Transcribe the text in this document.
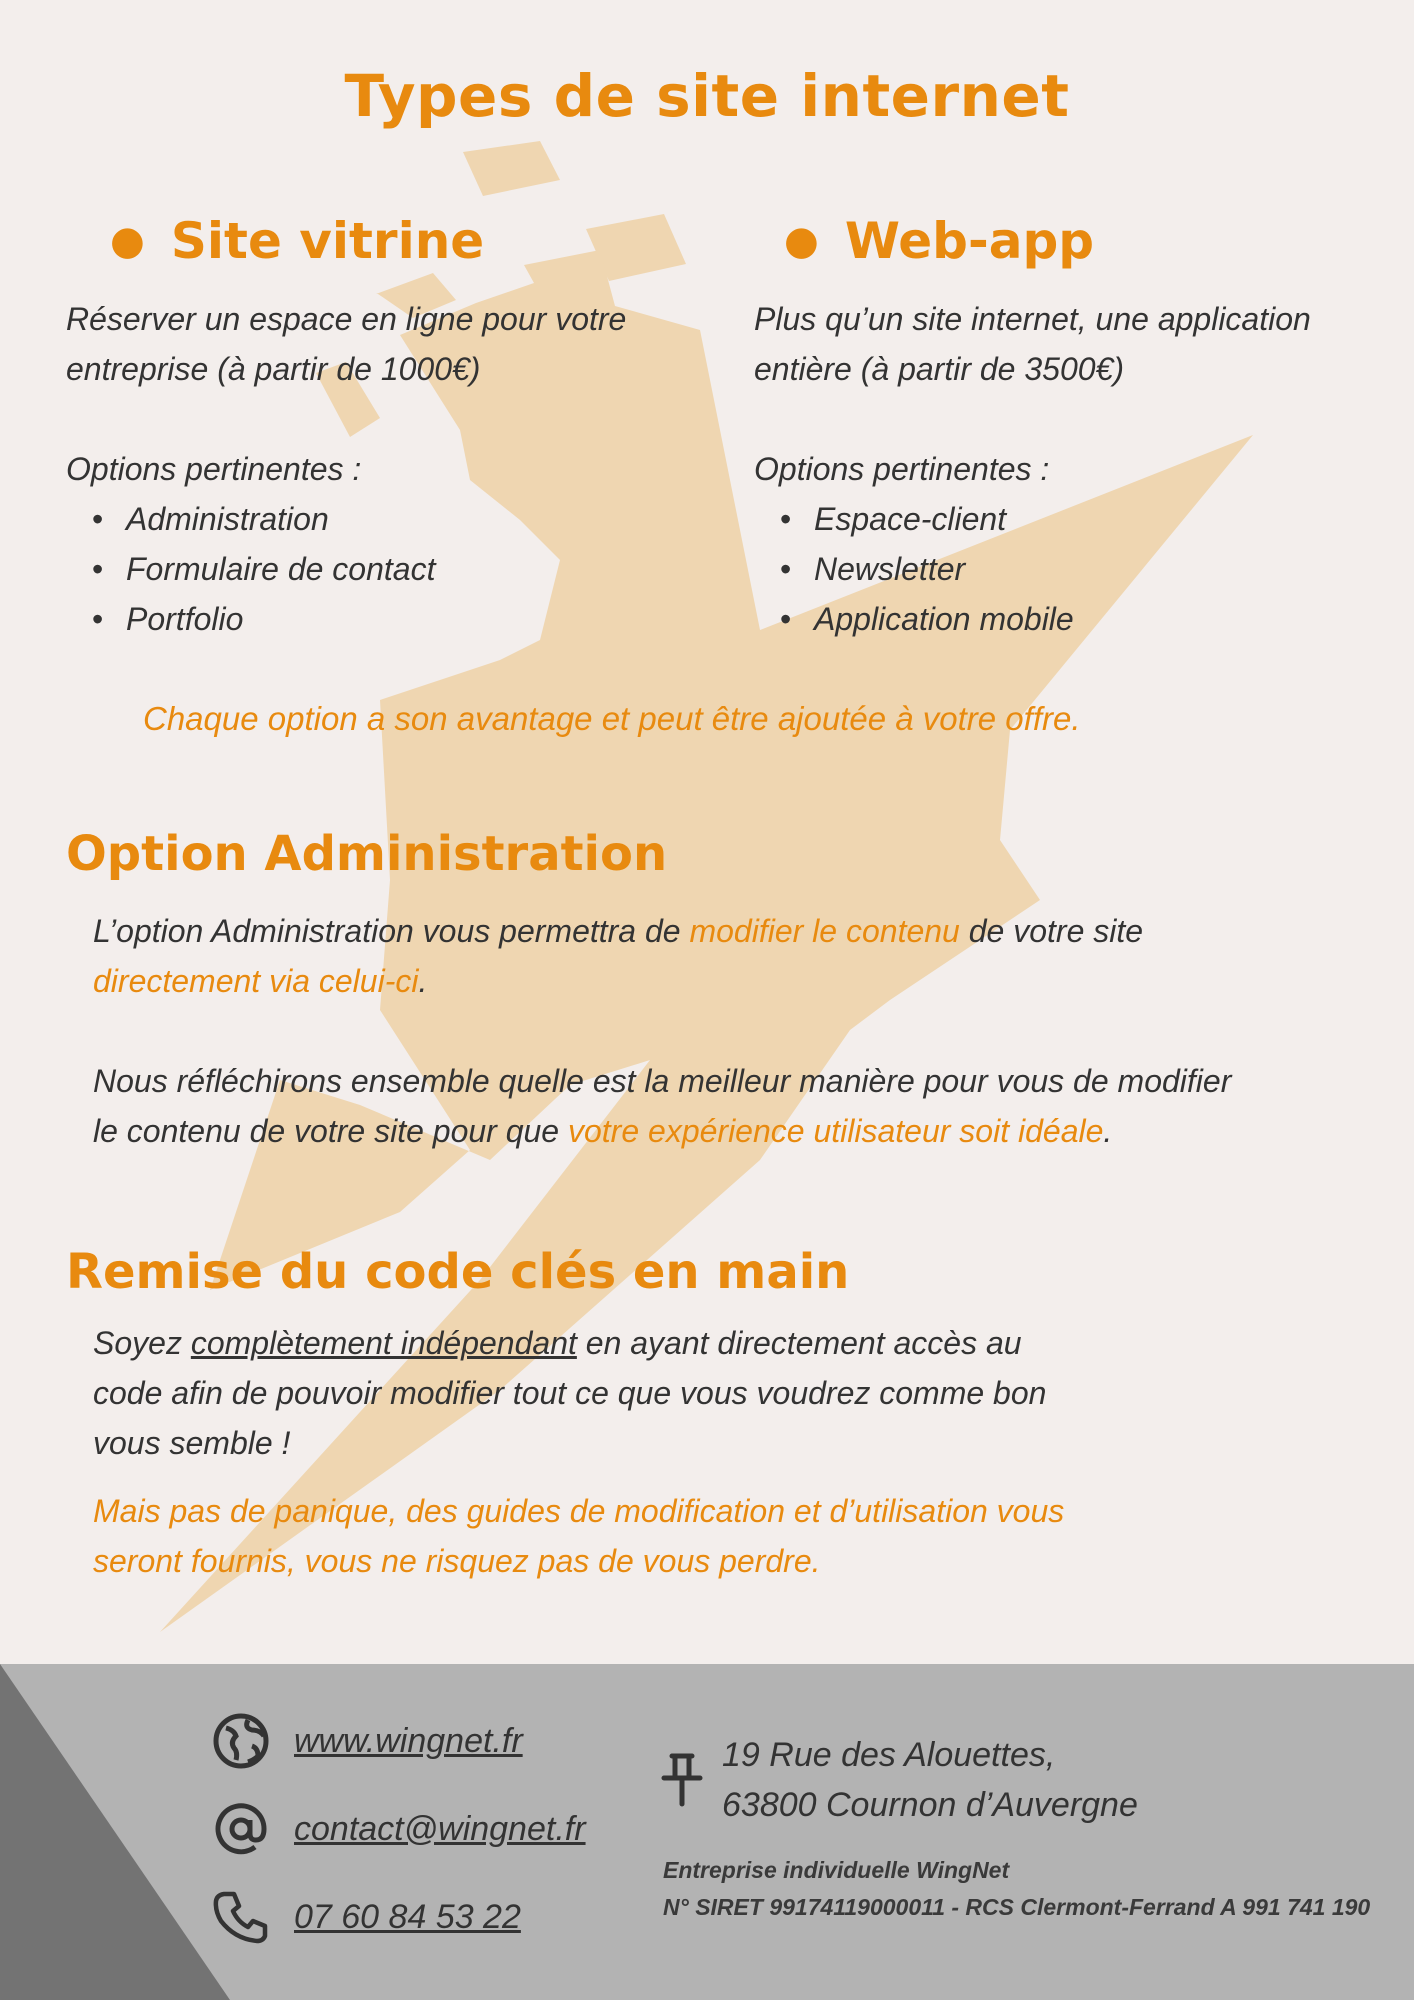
Types de site internet
● Site vitrine

Réserver un espace en ligne pour votre

entreprise (à partir de 1000€)

Options pertinentes :

• Administration
• Formulaire de contact
• Portfolio
● Web-app

Plus qu’un site internet, une application

entière (à partir de 3500€)

Options pertinentes :

• Espace-client
• Newsletter
• Application mobile

Chaque option a son avantage et peut être ajoutée à votre offre.

Option Administration

L’option Administration vous permettra de modifier le contenu de votre site

directement via celui-ci.

Nous réfléchirons ensemble quelle est la meilleur manière pour vous de modifier

le contenu de votre site pour que votre expérience utilisateur soit idéale.

Remise du code clés en main

Soyez complètement indépendant en ayant directement accès au

code afin de pouvoir modifier tout ce que vous voudrez comme bon

vous semble !

Mais pas de panique, des guides de modification et d’utilisation vous

seront fournis, vous ne risquez pas de vous perdre.

www.wingnet.fr
contact@wingnet.fr
07 60 84 53 22
19 Rue des Alouettes,
63800 Cournon d’Auvergne

Entreprise individuelle WingNet

N° SIRET 99174119000011 - RCS Clermont-Ferrand A 991 741 190
